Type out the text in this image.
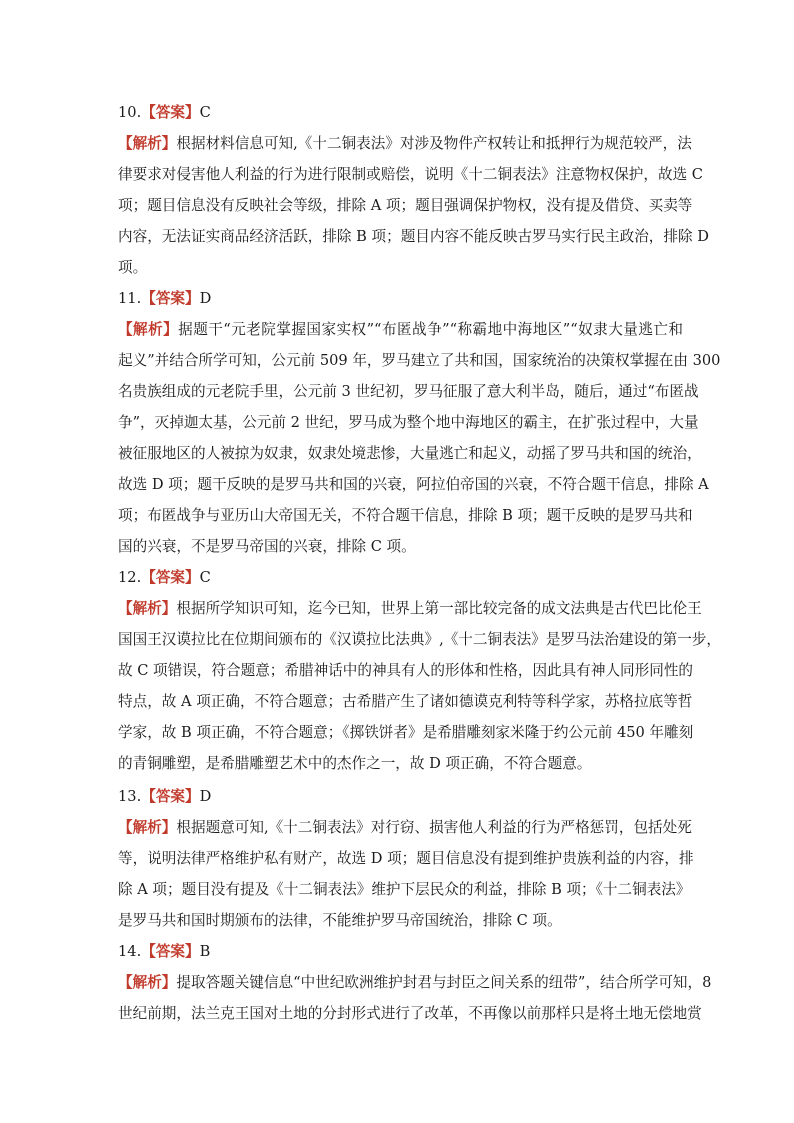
10.【答案】C
【解析】根据材料信息可知,《十二铜表法》对涉及物件产权转让和抵押行为规范较严，法
律要求对侵害他人利益的行为进行限制或赔偿，说明《十二铜表法》注意物权保护，故选 C
项；题目信息没有反映社会等级，排除 A 项；题目强调保护物权，没有提及借贷、买卖等
内容，无法证实商品经济活跃，排除 B 项；题目内容不能反映古罗马实行民主政治，排除 D
项。
11.【答案】D
【解析】据题干“元老院掌握国家实权”“布匿战争”“称霸地中海地区”“奴隶大量逃亡和
起义”并结合所学可知，公元前 509 年，罗马建立了共和国，国家统治的决策权掌握在由 300
名贵族组成的元老院手里，公元前 3 世纪初，罗马征服了意大利半岛，随后，通过“布匿战
争”，灭掉迦太基，公元前 2 世纪，罗马成为整个地中海地区的霸主，在扩张过程中，大量
被征服地区的人被掠为奴隶，奴隶处境悲惨，大量逃亡和起义，动摇了罗马共和国的统治，
故选 D 项；题干反映的是罗马共和国的兴衰，阿拉伯帝国的兴衰，不符合题干信息，排除 A
项；布匿战争与亚历山大帝国无关，不符合题干信息，排除 B 项；题干反映的是罗马共和
国的兴衰，不是罗马帝国的兴衰，排除 C 项。
12.【答案】C
【解析】根据所学知识可知，迄今已知，世界上第一部比较完备的成文法典是古代巴比伦王
国国王汉谟拉比在位期间颁布的《汉谟拉比法典》,《十二铜表法》是罗马法治建设的第一步，
故 C 项错误，符合题意；希腊神话中的神具有人的形体和性格，因此具有神人同形同性的
特点，故 A 项正确，不符合题意；古希腊产生了诸如德谟克利特等科学家，苏格拉底等哲
学家，故 B 项正确，不符合题意；《掷铁饼者》是希腊雕刻家米隆于约公元前 450 年雕刻
的青铜雕塑，是希腊雕塑艺术中的杰作之一，故 D 项正确，不符合题意。
13.【答案】D
【解析】根据题意可知,《十二铜表法》对行窃、损害他人利益的行为严格惩罚，包括处死
等，说明法律严格维护私有财产，故选 D 项；题目信息没有提到维护贵族利益的内容，排
除 A 项；题目没有提及《十二铜表法》维护下层民众的利益，排除 B 项；《十二铜表法》
是罗马共和国时期颁布的法律，不能维护罗马帝国统治，排除 C 项。
14.【答案】B
【解析】提取答题关键信息“中世纪欧洲维护封君与封臣之间关系的纽带”，结合所学可知，8
世纪前期，法兰克王国对土地的分封形式进行了改革，不再像以前那样只是将土地无偿地赏
